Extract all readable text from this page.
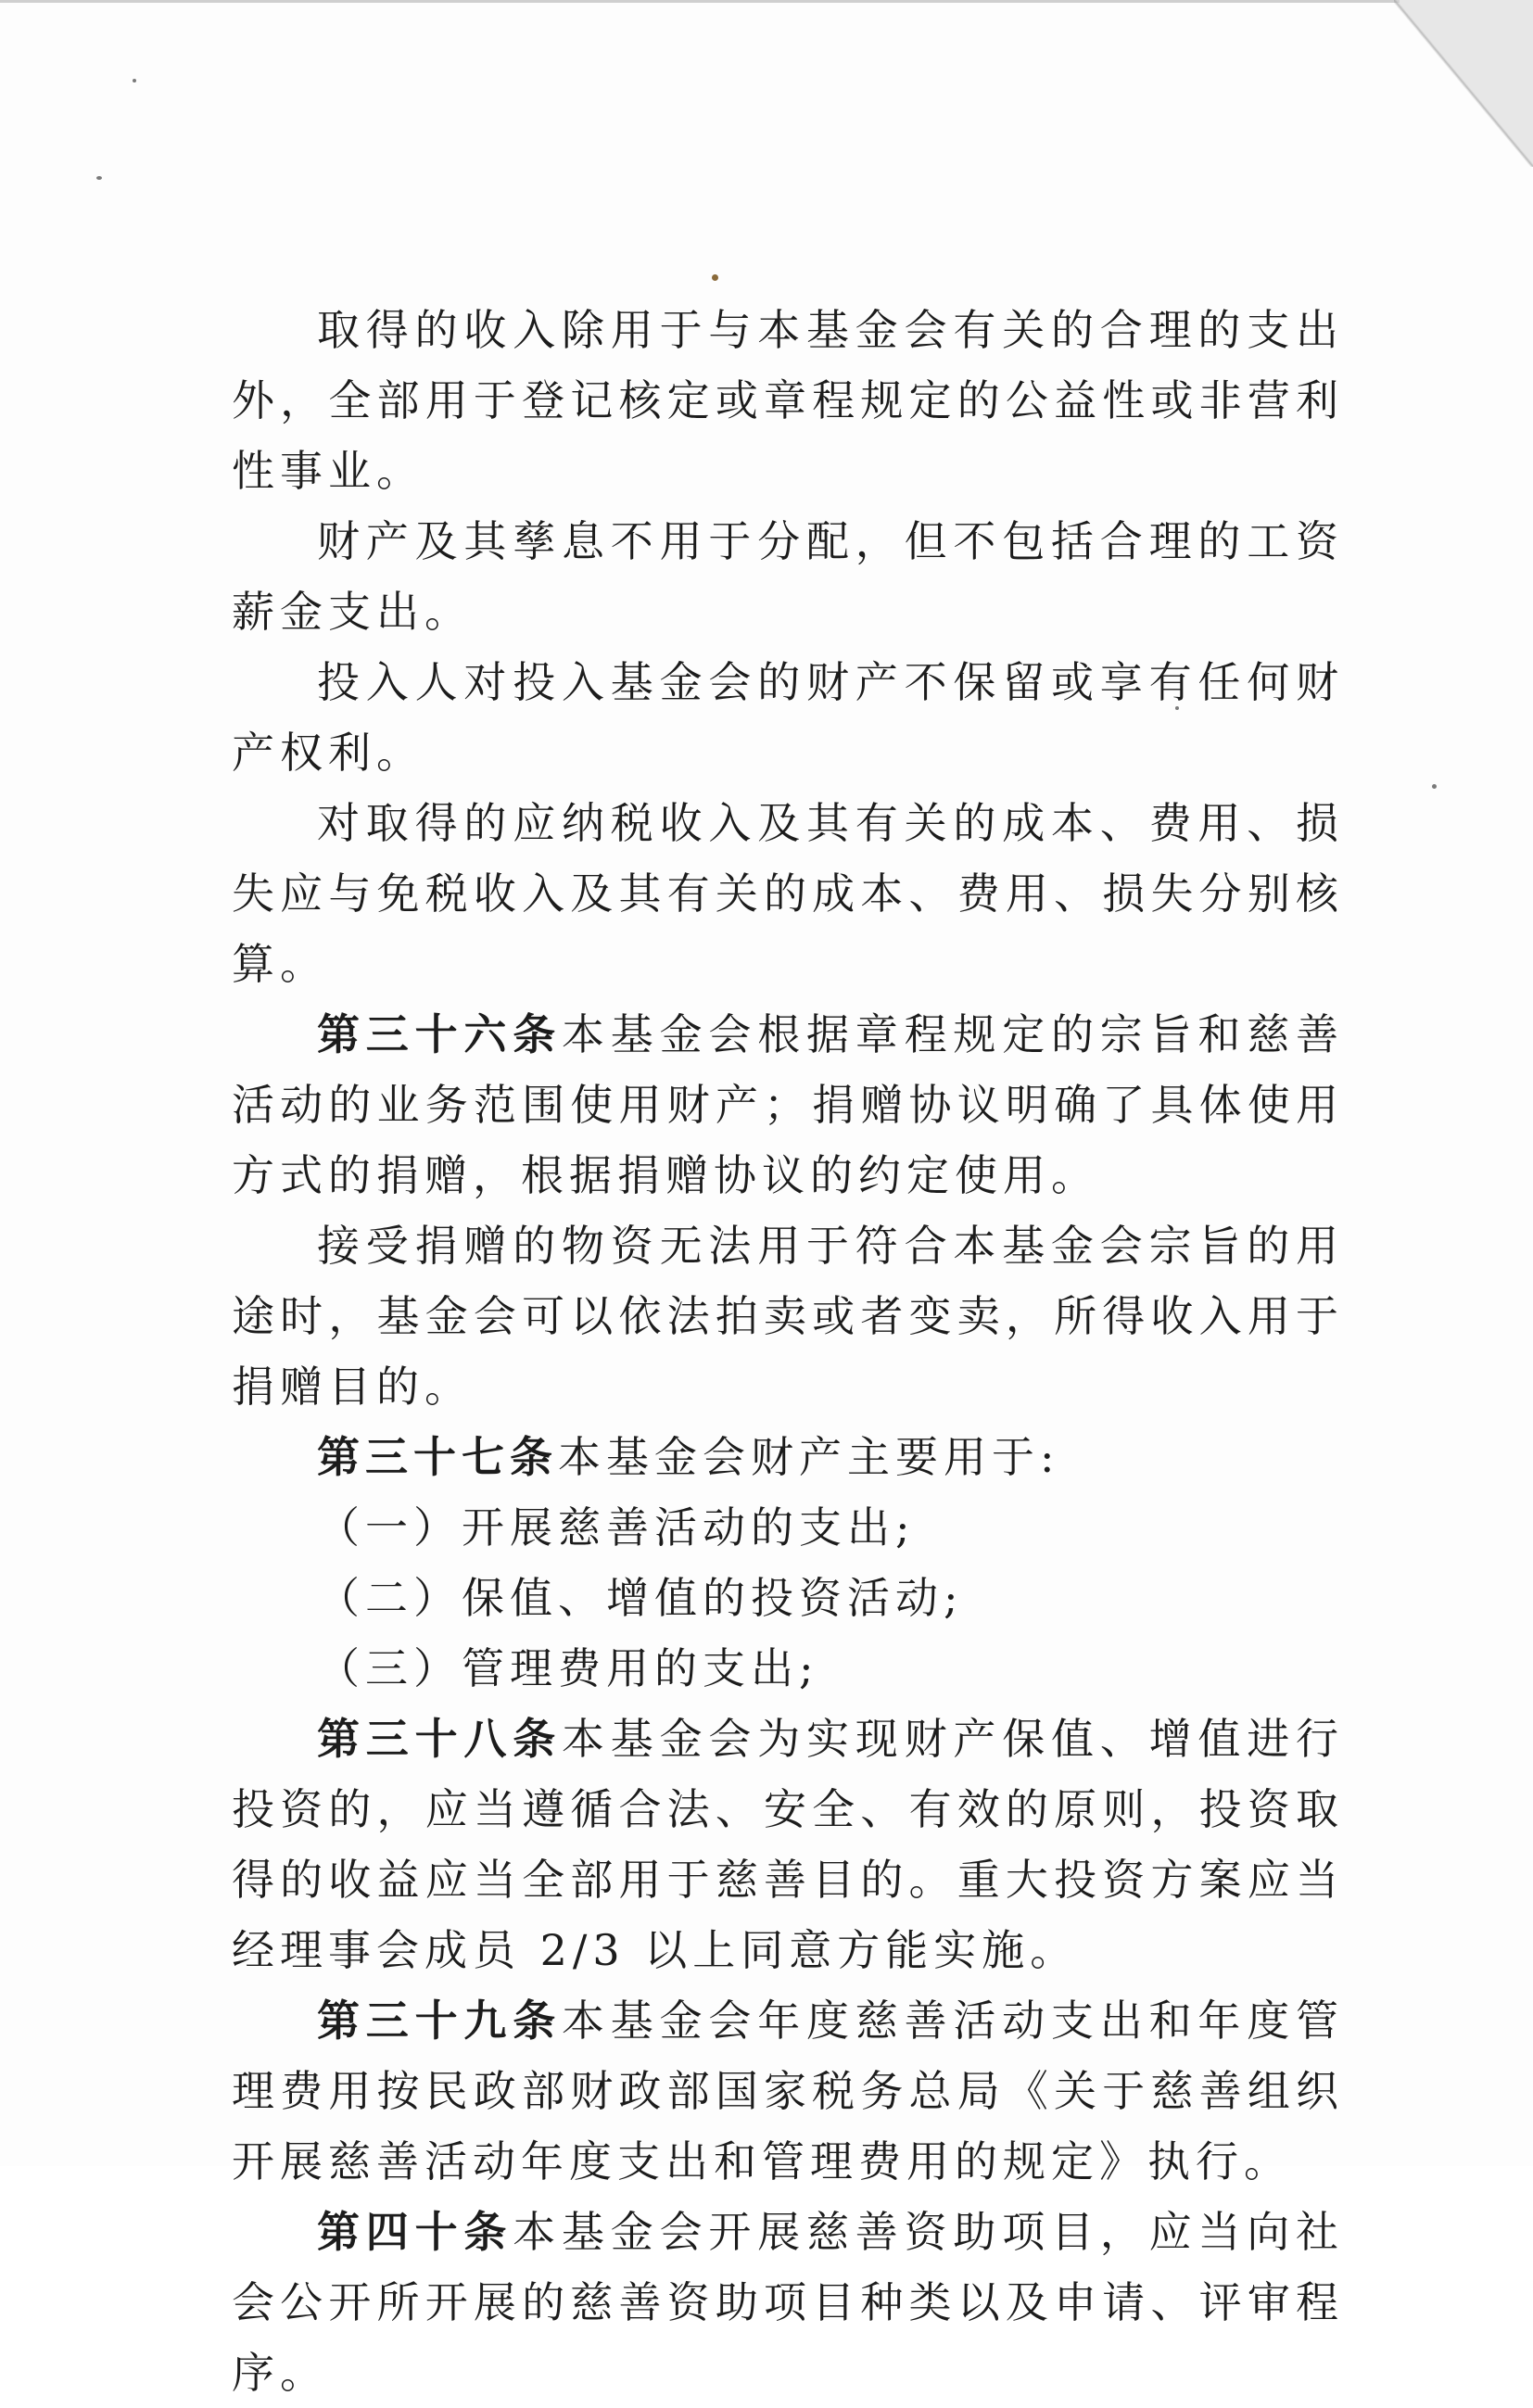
取得的收入除用于与本基金会有关的合理的支出外，全部用于登记核定或章程规定的公益性或非营利性事业。

财产及其孳息不用于分配，但不包括合理的工资薪金支出。

投入人对投入基金会的财产不保留或享有任何财产权利。

对取得的应纳税收入及其有关的成本、费用、损失应与免税收入及其有关的成本、费用、损失分别核算。

第三十六条本基金会根据章程规定的宗旨和慈善活动的业务范围使用财产；捐赠协议明确了具体使用方式的捐赠，根据捐赠协议的约定使用。

接受捐赠的物资无法用于符合本基金会宗旨的用途时，基金会可以依法拍卖或者变卖，所得收入用于捐赠目的。

第三十七条本基金会财产主要用于:

（一）开展慈善活动的支出;

（二）保值、增值的投资活动;

（三）管理费用的支出;

第三十八条本基金会为实现财产保值、增值进行投资的，应当遵循合法、安全、有效的原则，投资取得的收益应当全部用于慈善目的。重大投资方案应当经理事会成员 2/3 以上同意方能实施。

第三十九条本基金会年度慈善活动支出和年度管理费用按民政部财政部国家税务总局《关于慈善组织开展慈善活动年度支出和管理费用的规定》执行。

第四十条本基金会开展慈善资助项目，应当向社会公开所开展的慈善资助项目种类以及申请、评审程序。
